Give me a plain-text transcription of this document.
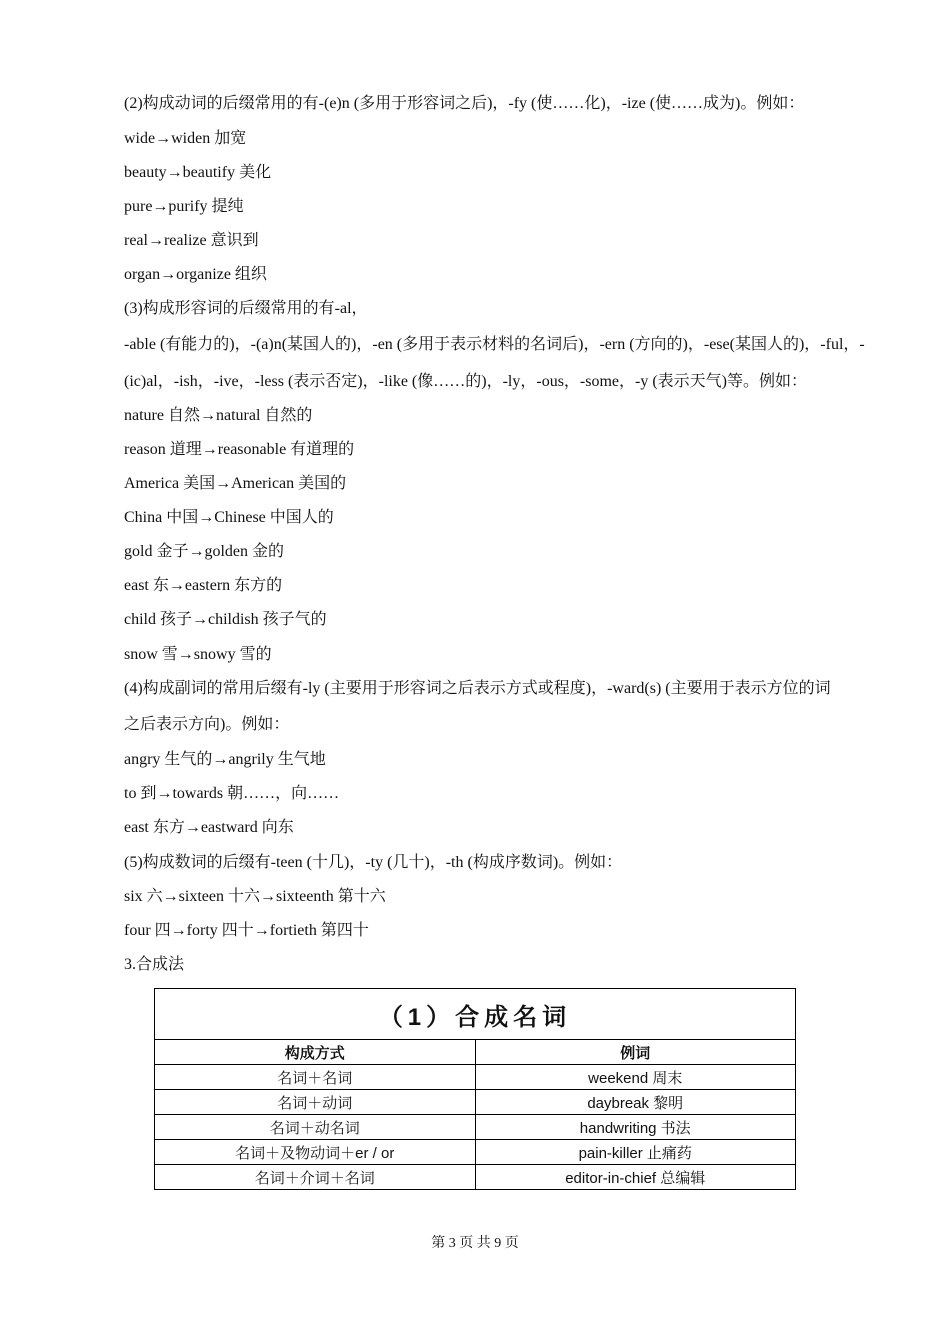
(2)构成动词的后缀常用的有-(e)n (多用于形容词之后)，-fy (使……化)，-ize (使……成为)。例如：

wide→widen 加宽

beauty→beautify 美化

pure→purify 提纯

real→realize 意识到

organ→organize 组织

(3)构成形容词的后缀常用的有-al，

-able (有能力的)，-(a)n(某国人的)，-en (多用于表示材料的名词后)，-ern (方向的)，-ese(某国人的)，-ful，-

(ic)al，-ish，-ive，-less (表示否定)，-like (像……的)，-ly，-ous，-some，-y (表示天气)等。例如：

nature 自然→natural 自然的

reason 道理→reasonable 有道理的

America 美国→American 美国的

China 中国→Chinese 中国人的

gold 金子→golden 金的

east 东→eastern 东方的

child 孩子→childish 孩子气的

snow 雪→snowy 雪的

(4)构成副词的常用后缀有-ly (主要用于形容词之后表示方式或程度)，-ward(s) (主要用于表示方位的词

之后表示方向)。例如：

angry 生气的→angrily 生气地

to 到→towards 朝……，向……

east 东方→eastward 向东

(5)构成数词的后缀有-teen (十几)，-ty (几十)，-th (构成序数词)。例如：

six 六→sixteen 十六→sixteenth 第十六

four 四→forty 四十→fortieth 第四十

3.合成法

（1）合成名词	
构成方式	例词
名词＋名词	weekend 周末
名词＋动词	daybreak 黎明
名词＋动名词	handwriting 书法
名词＋及物动词＋er / or	pain-killer 止痛药
名词＋介词＋名词	editor-in-chief 总编辑
第 3 页 共 9 页
